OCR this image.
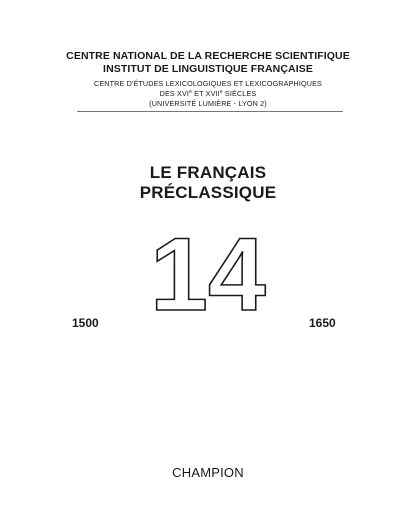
CENTRE NATIONAL DE LA RECHERCHE SCIENTIFIQUE
INSTITUT DE LINGUISTIQUE FRANÇAISE
CENTRE D'ÉTUDES LEXICOLOGIQUES ET LEXICOGRAPHIQUES
DES XVIe ET XVIIe SIÈCLES
(UNIVERSITÉ LUMIÈRE - LYON 2)
LE FRANÇAIS
PRÉCLASSIQUE
14
1500	1650
CHAMPION
